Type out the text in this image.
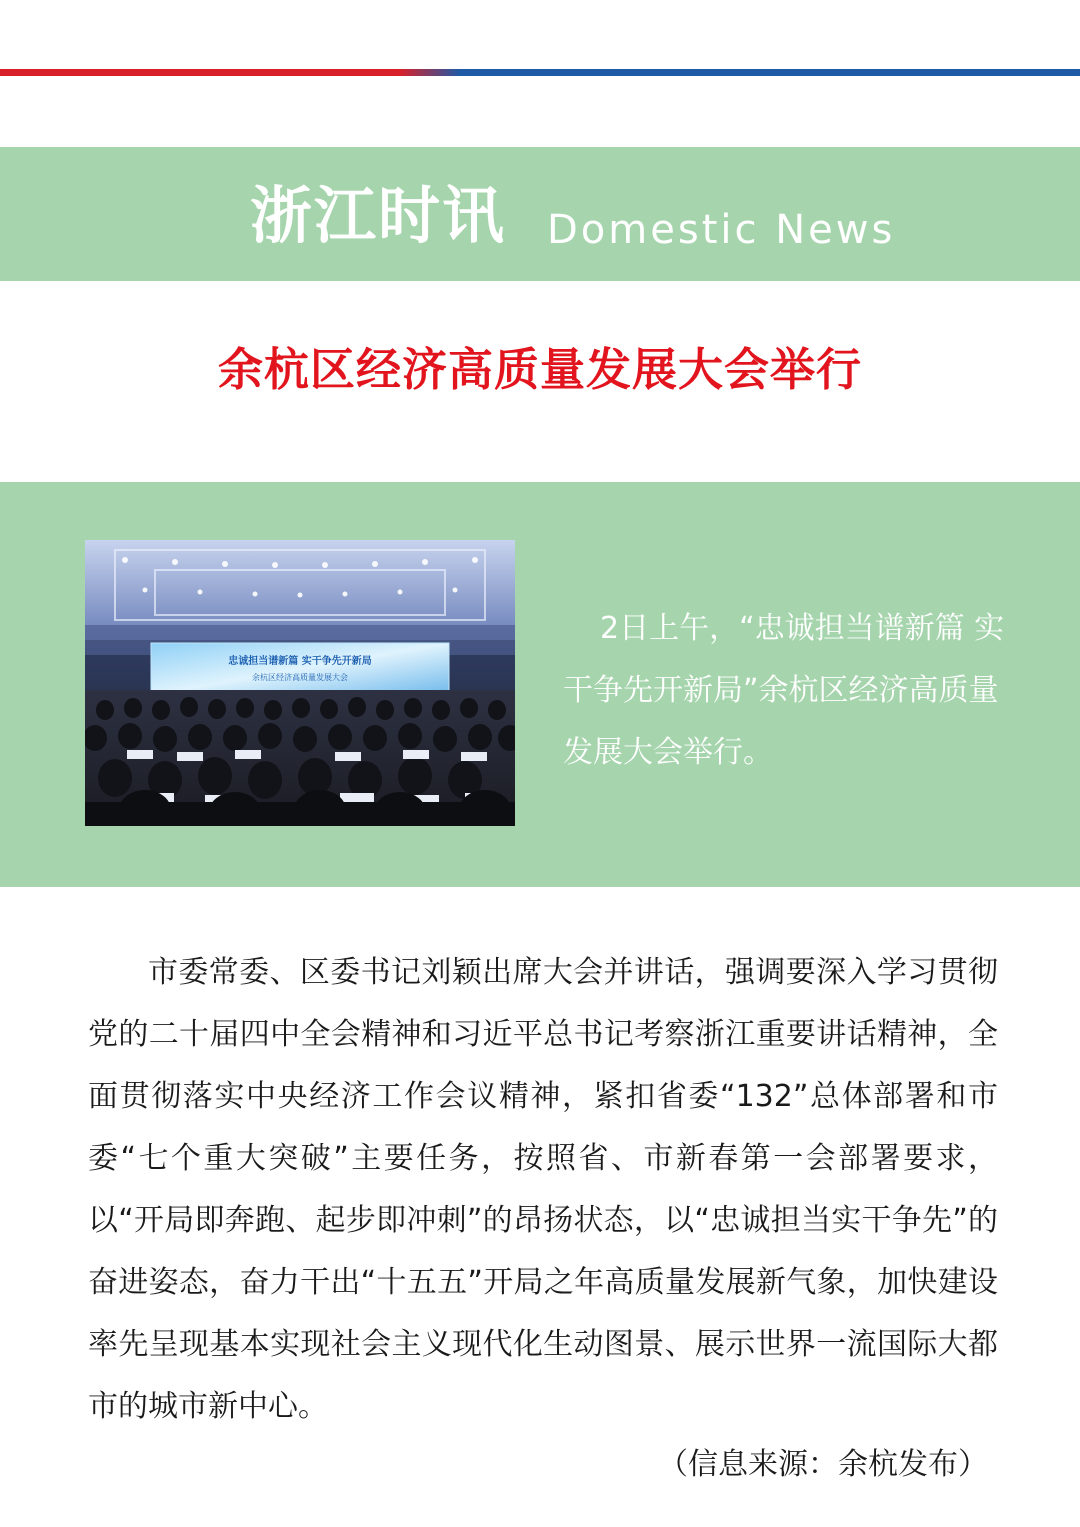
浙江时讯 Domestic News
余杭区经济高质量发展大会举行
忠诚担当谱新篇 实干争先开新局
余杭区经济高质量发展大会
2日上午，“忠诚担当谱新篇 实干争先开新局”余杭区经济高质量发展大会举行。
市委常委、区委书记刘颖出席大会并讲话，强调要深入学习贯彻党的二十届四中全会精神和习近平总书记考察浙江重要讲话精神，全面贯彻落实中央经济工作会议精神，紧扣省委“132”总体部署和市委“七个重大突破”主要任务，按照省、市新春第一会部署要求，以“开局即奔跑、起步即冲刺”的昂扬状态，以“忠诚担当实干争先”的奋进姿态，奋力干出“十五五”开局之年高质量发展新气象，加快建设率先呈现基本实现社会主义现代化生动图景、展示世界一流国际大都市的城市新中心。
（信息来源：余杭发布）
